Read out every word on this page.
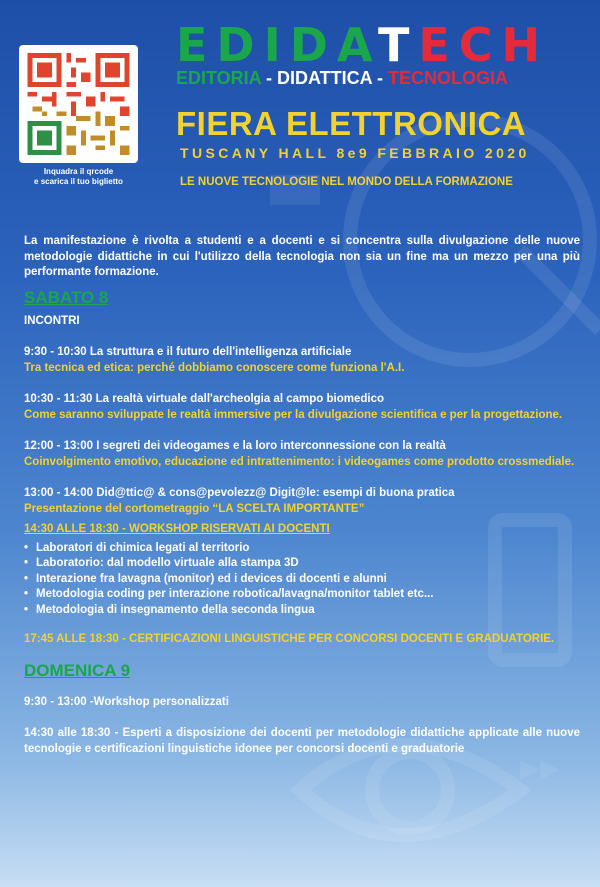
Inquadra il qrcode
e scarica il tuo biglietto
EDIDATECH
EDITORIA - DIDATTICA - TECNOLOGIA
FIERA ELETTRONICA
TUSCANY HALL 8e9 FEBBRAIO 2020
LE NUOVE TECNOLOGIE NEL MONDO DELLA FORMAZIONE

La manifestazione è rivolta a studenti e a docenti e si concentra sulla divulgazione delle nuove metodologie didattiche in cui l'utilizzo della tecnologia non sia un fine ma un mezzo per una più performante formazione.

SABATO 8
INCONTRI
9:30 - 10:30 La struttura e il futuro dell'intelligenza artificiale
Tra tecnica ed etica: perché dobbiamo conoscere come funziona l'A.I.
10:30 - 11:30 La realtà virtuale dall'archeolgia al campo biomedico
Come saranno sviluppate le realtà immersive per la divulgazione scientifica e per la progettazione.
12:00 - 13:00 I segreti dei videogames e la loro interconnessione con la realtà
Coinvolgimento emotivo, educazione ed intrattenimento: i videogames come prodotto crossmediale.
13:00 - 14:00 Did@ttic@ & cons@pevolezz@ Digit@le: esempi di buona pratica
Presentazione del cortometraggio “LA SCELTA IMPORTANTE”
14:30 ALLE 18:30 - WORKSHOP RISERVATI AI DOCENTI
• Laboratori di chimica legati al territorio
• Laboratorio: dal modello virtuale alla stampa 3D
• Interazione fra lavagna (monitor) ed i devices di docenti e alunni
• Metodologia coding per interazione robotica/lavagna/monitor tablet etc...
• Metodologia di insegnamento della seconda lingua
17:45 ALLE 18:30 - CERTIFICAZIONI LINGUISTICHE PER CONCORSI DOCENTI E GRADUATORIE.
DOMENICA 9
9:30 - 13:00 -Workshop personalizzati
14:30 alle 18:30 - Esperti a disposizione dei docenti per metodologie didattiche applicate alle nuove tecnologie e certificazioni linguistiche idonee per concorsi docenti e graduatorie
